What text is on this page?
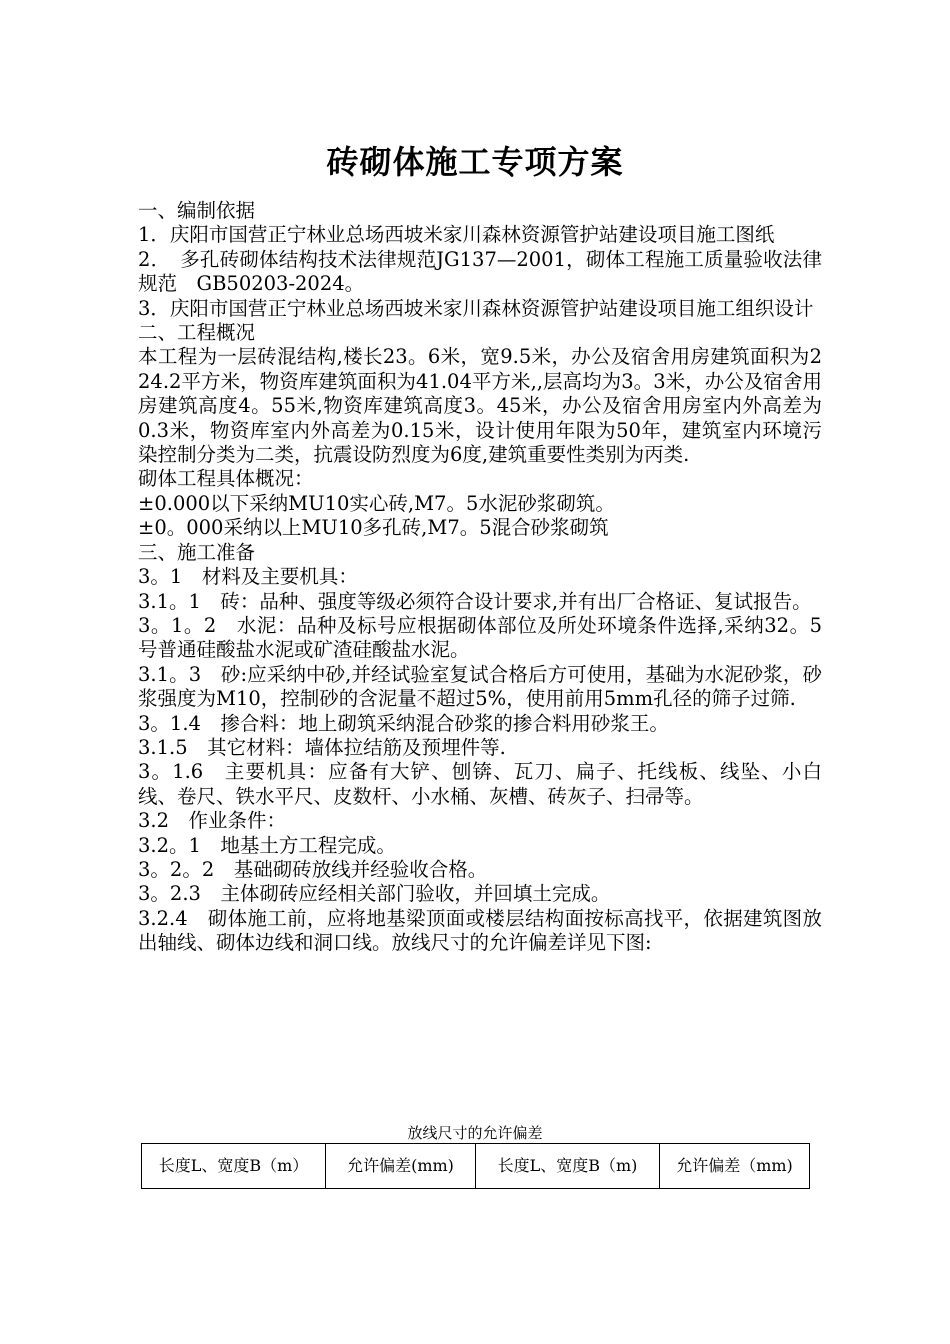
砖砌体施工专项方案

一、编制依据

1．庆阳市国营正宁林业总场西坡米家川森林资源管护站建设项目施工图纸

2．　多孔砖砌体结构技术法律规范JG137—2001，砌体工程施工质量验收法律规范　GB50203-2024。

3．庆阳市国营正宁林业总场西坡米家川森林资源管护站建设项目施工组织设计

二、工程概况

本工程为一层砖混结构,楼长23。6米，宽9.5米，办公及宿舍用房建筑面积为224.2平方米，物资库建筑面积为41.04平方米,,层高均为3。3米，办公及宿舍用房建筑高度4。55米,物资库建筑高度3。45米，办公及宿舍用房室内外高差为0.3米，物资库室内外高差为0.15米，设计使用年限为50年，建筑室内环境污染控制分类为二类，抗震设防烈度为6度,建筑重要性类别为丙类.

砌体工程具体概况：

±0.000以下采纳MU10实心砖,M7。5水泥砂浆砌筑。

±0。000采纳以上MU10多孔砖,M7。5混合砂浆砌筑

三、施工准备

3。1　材料及主要机具：

3.1。1　砖：品种、强度等级必须符合设计要求,并有出厂合格证、复试报告。

3。1。2　水泥：品种及标号应根据砌体部位及所处环境条件选择,采纳32。5号普通硅酸盐水泥或矿渣硅酸盐水泥。

3.1。3　砂:应采纳中砂,并经试验室复试合格后方可使用，基础为水泥砂浆，砂浆强度为M10，控制砂的含泥量不超过5%，使用前用5mm孔径的筛子过筛.

3。1.4　掺合料：地上砌筑采纳混合砂浆的掺合料用砂浆王。

3.1.5　其它材料：墙体拉结筋及预埋件等.

3。1.6　主要机具：应备有大铲、刨锛、瓦刀、扁子、托线板、线坠、小白线、卷尺、铁水平尺、皮数杆、小水桶、灰槽、砖灰子、扫帚等。

3.2　作业条件：

3.2。1　地基土方工程完成。

3。2。2　基础砌砖放线并经验收合格。

3。2.3　主体砌砖应经相关部门验收，并回填土完成。

3.2.4　砌体施工前，应将地基梁顶面或楼层结构面按标高找平，依据建筑图放出轴线、砌体边线和洞口线。放线尺寸的允许偏差详见下图:

放线尺寸的允许偏差
长度L、宽度B（m）	允许偏差(mm)	长度L、宽度B（m)	允许偏差（mm)
